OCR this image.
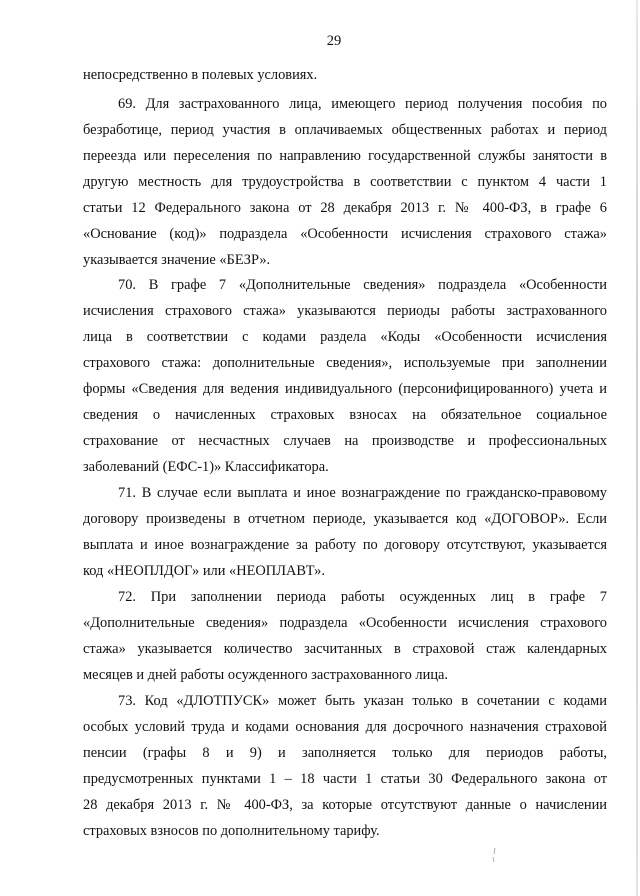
29
непосредственно в полевых условиях.
69. Для застрахованного лица, имеющего период получения пособия по
безработице, период участия в оплачиваемых общественных работах и период
переезда или переселения по направлению государственной службы занятости в
другую местность для трудоустройства в соответствии с пунктом 4 части 1
статьи 12 Федерального закона от 28 декабря 2013 г. № 400-ФЗ, в графе 6
«Основание (код)» подраздела «Особенности исчисления страхового стажа»
указывается значение «БЕЗР».
70. В графе 7 «Дополнительные сведения» подраздела «Особенности
исчисления страхового стажа» указываются периоды работы застрахованного
лица в соответствии с кодами раздела «Коды «Особенности исчисления
страхового стажа: дополнительные сведения», используемые при заполнении
формы «Сведения для ведения индивидуального (персонифицированного) учета и
сведения о начисленных страховых взносах на обязательное социальное
страхование от несчастных случаев на производстве и профессиональных
заболеваний (ЕФС-1)» Классификатора.
71. В случае если выплата и иное вознаграждение по гражданско-правовому
договору произведены в отчетном периоде, указывается код «ДОГОВОР». Если
выплата и иное вознаграждение за работу по договору отсутствуют, указывается
код «НЕОПЛДОГ» или «НЕОПЛАВТ».
72. При заполнении периода работы осужденных лиц в графе 7
«Дополнительные сведения» подраздела «Особенности исчисления страхового
стажа» указывается количество засчитанных в страховой стаж календарных
месяцев и дней работы осужденного застрахованного лица.
73. Код «ДЛОТПУСК» может быть указан только в сочетании с кодами
особых условий труда и кодами основания для досрочного назначения страховой
пенсии (графы 8 и 9) и заполняется только для периодов работы,
предусмотренных пунктами 1 – 18 части 1 статьи 30 Федерального закона от
28 декабря 2013 г. № 400-ФЗ, за которые отсутствуют данные о начислении
страховых взносов по дополнительному тарифу.
